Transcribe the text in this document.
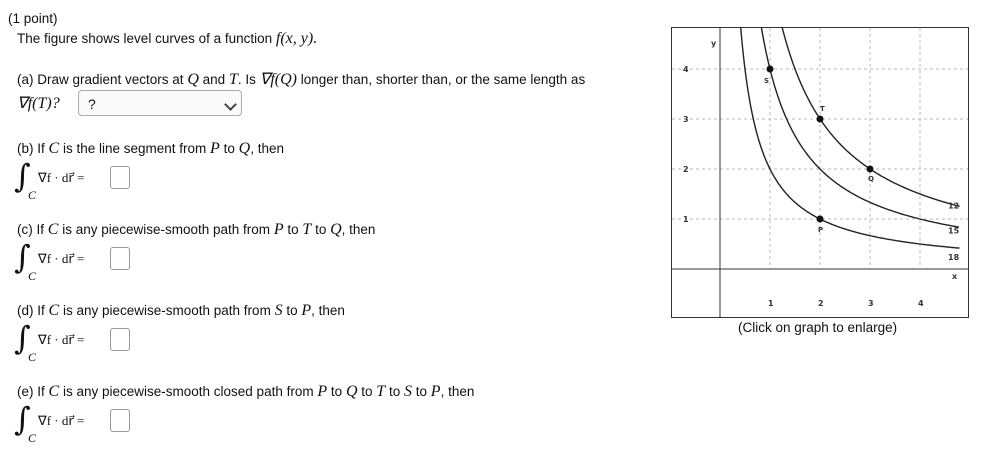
(1 point)
The figure shows level curves of a function f(x, y).
(a) Draw gradient vectors at Q and T. Is ∇f(Q) longer than, shorter than, or the same length as
∇f(T)? ?
(b) If C is the line segment from P to Q, then
∫
C
∇f · dr⃗ =
(c) If C is any piecewise-smooth path from P to T to Q, then
∫
C
∇f · dr⃗ =
(d) If C is any piecewise-smooth path from S to P, then
∫
C
∇f · dr⃗ =
(e) If C is any piecewise-smooth closed path from P to Q to T to S to P, then
∫
C
∇f · dr⃗ =
1	2	3	4
1
2
3
4
12
15
18
S
T
Q
P
y
x
(Click on graph to enlarge)
